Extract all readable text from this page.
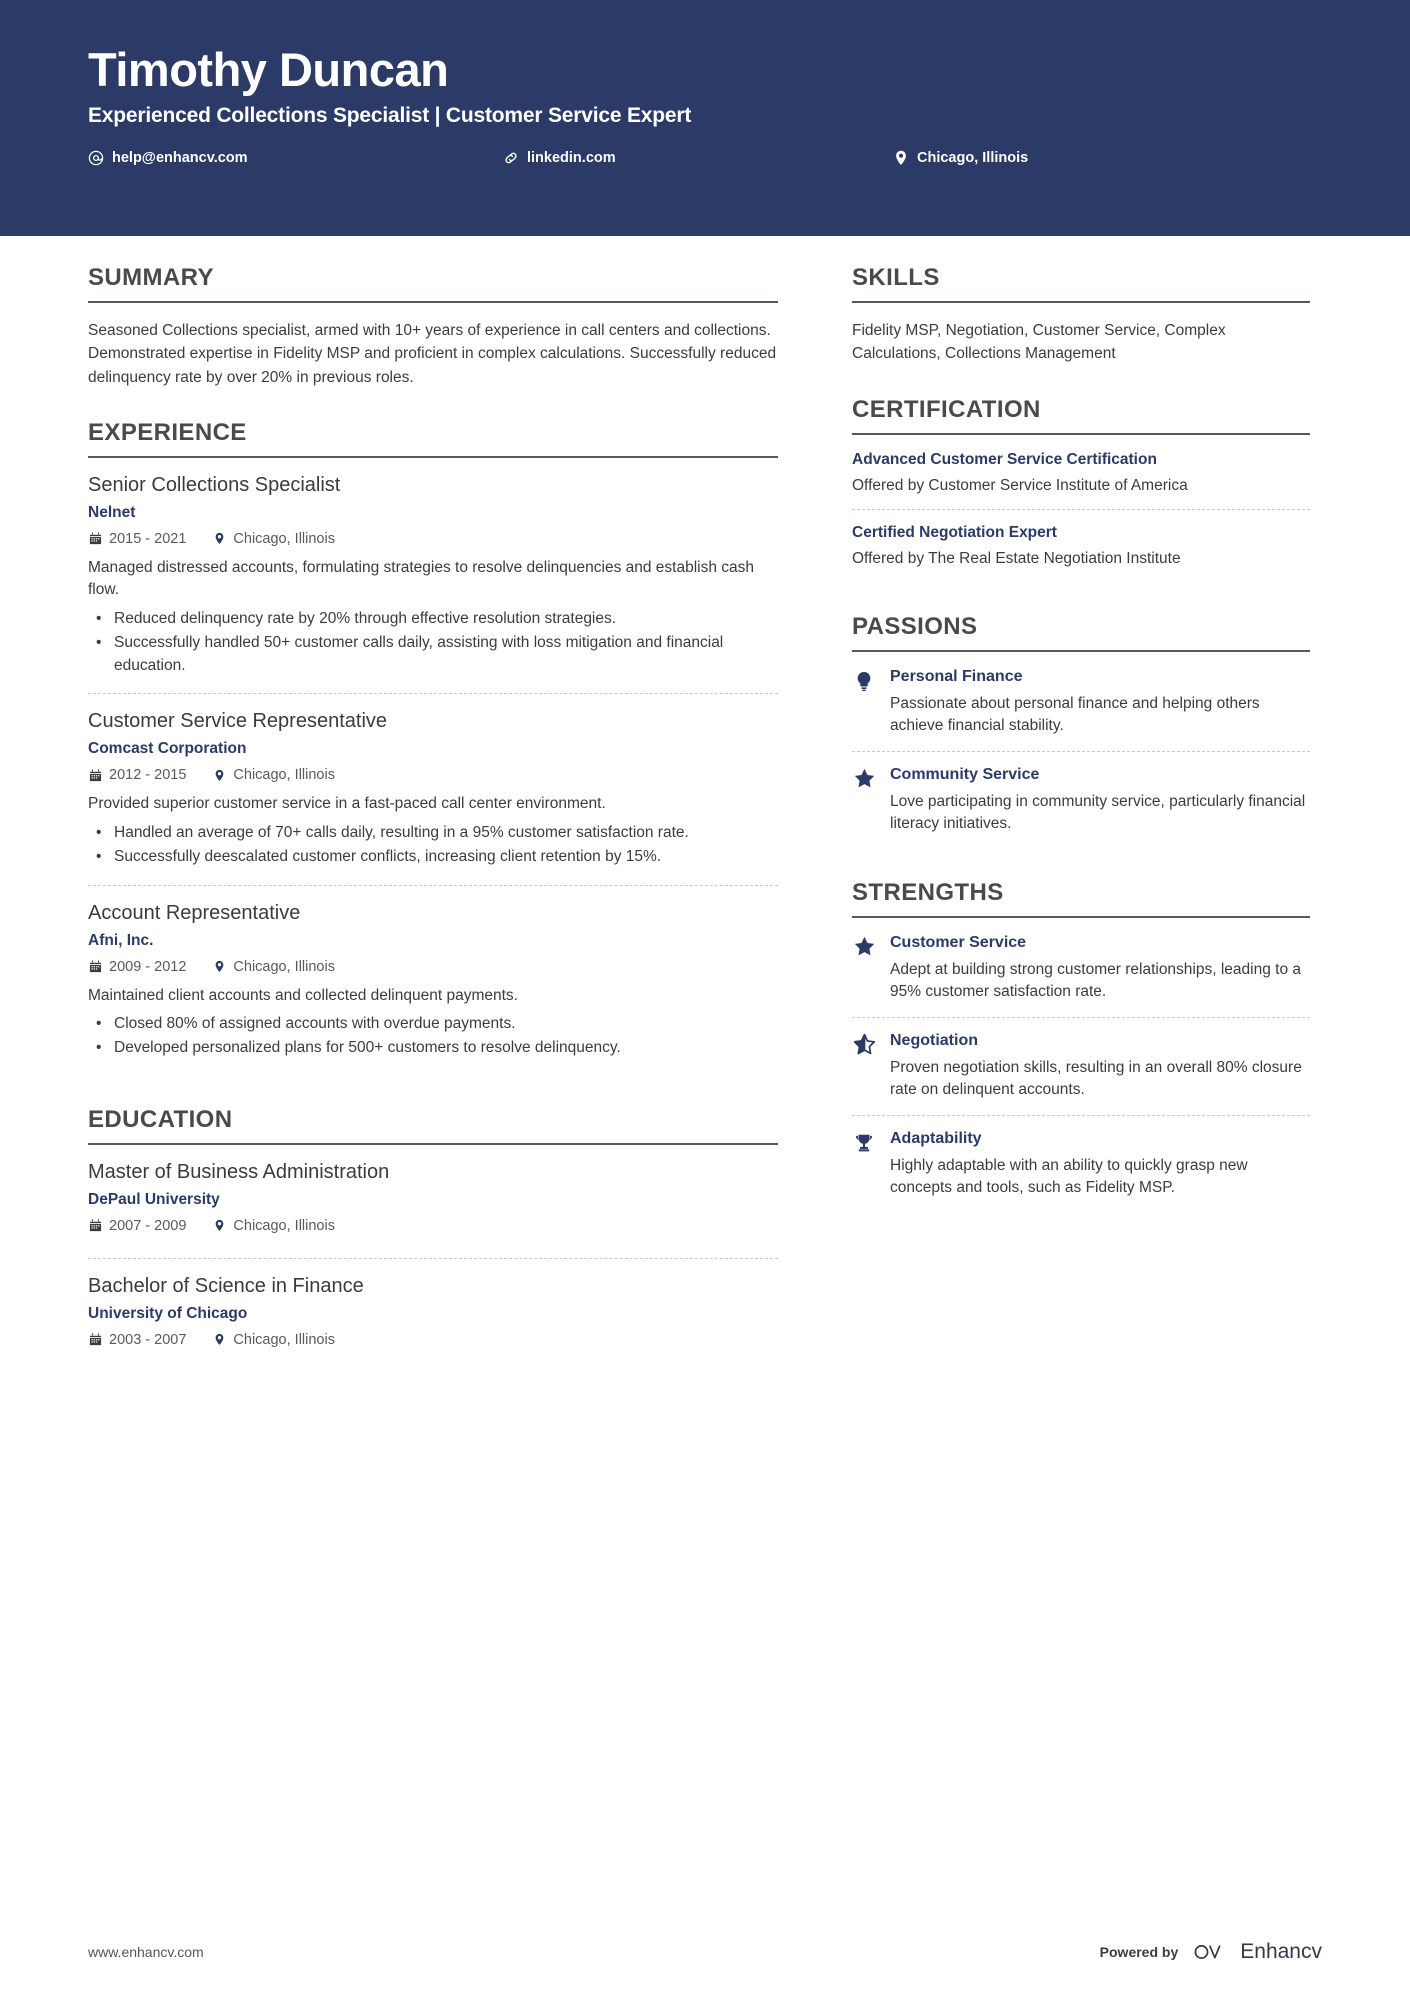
Timothy Duncan
Experienced Collections Specialist | Customer Service Expert
help@enhancv.com	linkedin.com	Chicago, Illinois
SUMMARY

Seasoned Collections specialist, armed with 10+ years of experience in call centers and collections. Demonstrated expertise in Fidelity MSP and proficient in complex calculations. Successfully reduced delinquency rate by over 20% in previous roles.

EXPERIENCE
Senior Collections Specialist
Nelnet
2015 - 2021	Chicago, Illinois

Managed distressed accounts, formulating strategies to resolve delinquencies and establish cash flow.

• Reduced delinquency rate by 20% through effective resolution strategies.
• Successfully handled 50+ customer calls daily, assisting with loss mitigation and financial education.
Customer Service Representative
Comcast Corporation
2012 - 2015	Chicago, Illinois

Provided superior customer service in a fast-paced call center environment.

• Handled an average of 70+ calls daily, resulting in a 95% customer satisfaction rate.
• Successfully deescalated customer conflicts, increasing client retention by 15%.
Account Representative
Afni, Inc.
2009 - 2012	Chicago, Illinois

Maintained client accounts and collected delinquent payments.

• Closed 80% of assigned accounts with overdue payments.
• Developed personalized plans for 500+ customers to resolve delinquency.
EDUCATION
Master of Business Administration
DePaul University
2007 - 2009	Chicago, Illinois
Bachelor of Science in Finance
University of Chicago
2003 - 2007	Chicago, Illinois
SKILLS

Fidelity MSP, Negotiation, Customer Service, Complex Calculations, Collections Management

CERTIFICATION
Advanced Customer Service Certification

Offered by Customer Service Institute of America

Certified Negotiation Expert

Offered by The Real Estate Negotiation Institute

PASSIONS
Personal Finance

Passionate about personal finance and helping others achieve financial stability.

Community Service

Love participating in community service, particularly financial literacy initiatives.

STRENGTHS
Customer Service

Adept at building strong customer relationships, leading to a 95% customer satisfaction rate.

Negotiation

Proven negotiation skills, resulting in an overall 80% closure rate on delinquent accounts.

Adaptability

Highly adaptable with an ability to quickly grasp new concepts and tools, such as Fidelity MSP.

www.enhancv.com	Powered by	Enhancv
